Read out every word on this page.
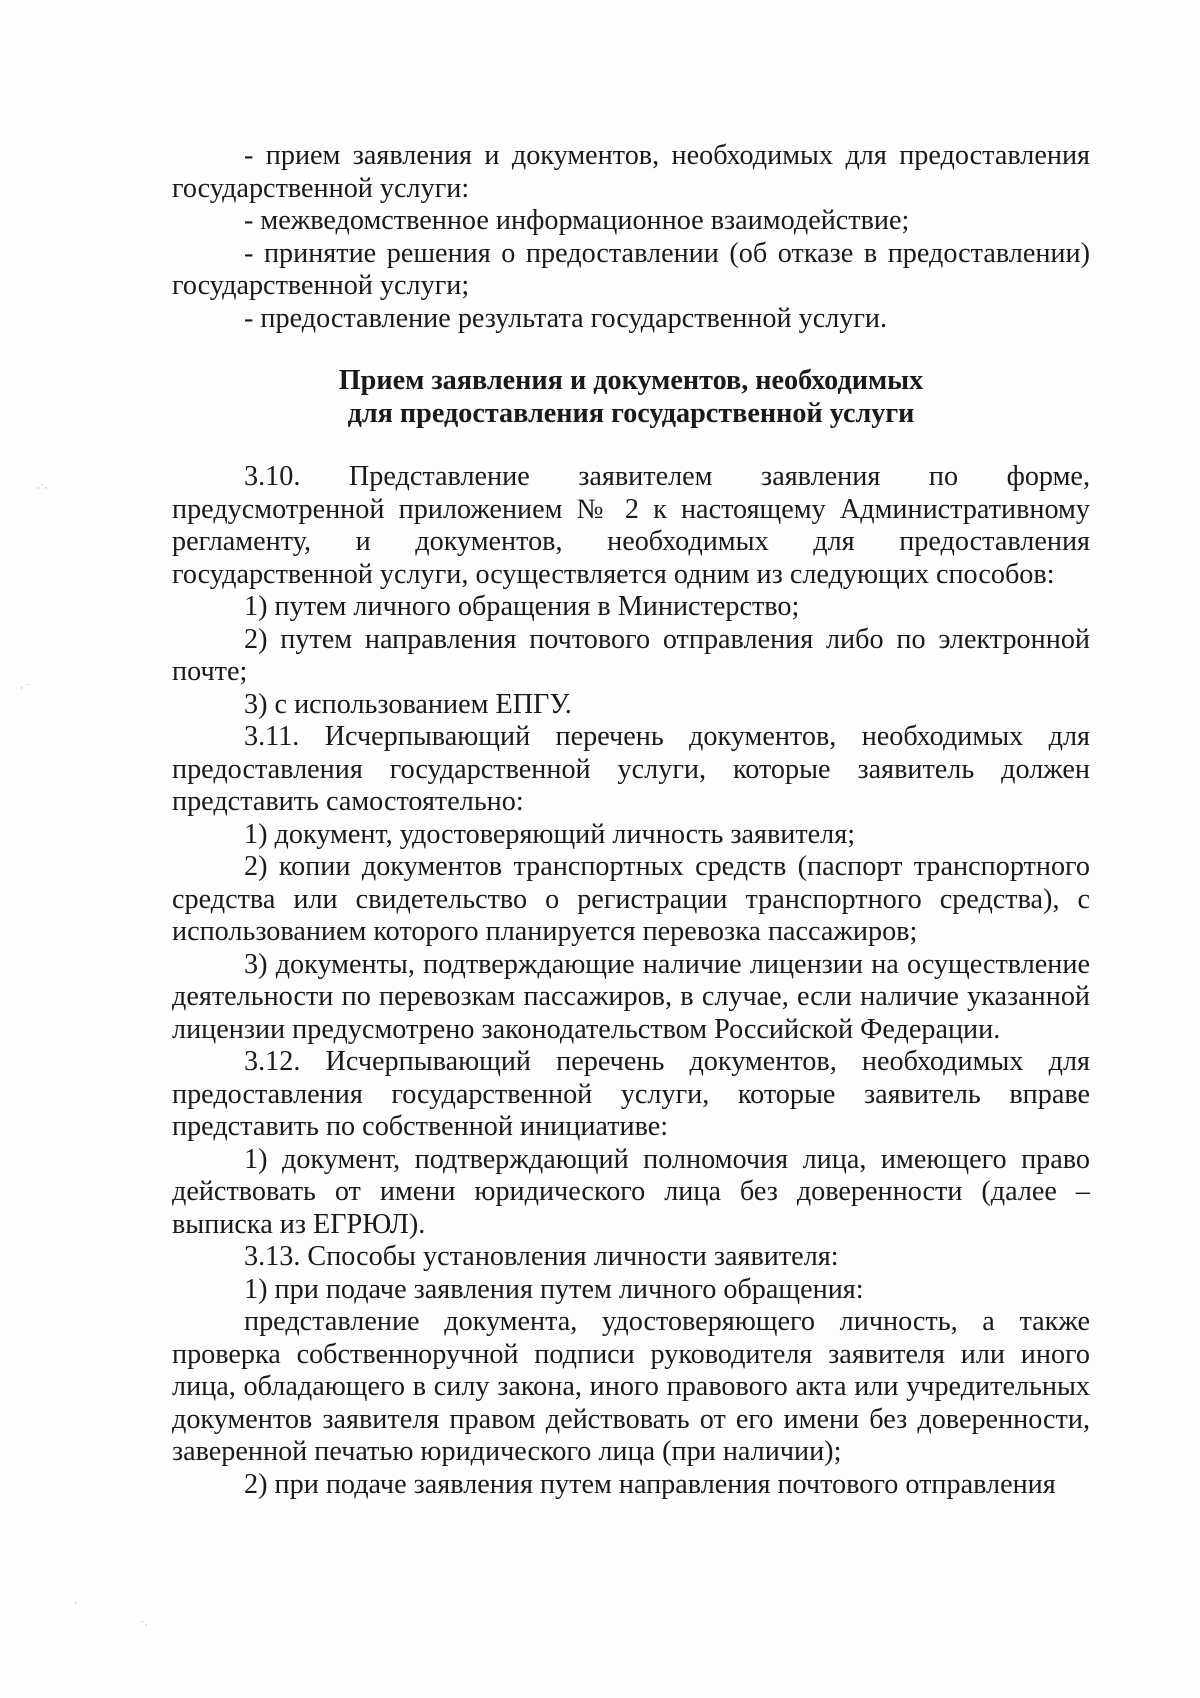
·˙·
· ˙
·
˙·

- прием заявления и документов, необходимых для предоставления государственной услуги:

- межведомственное информационное взаимодействие;

- принятие решения о предоставлении (об отказе в предоставлении) государственной услуги;

- предоставление результата государственной услуги.

Прием заявления и документов, необходимых
для предоставления государственной услуги

3.10. Представление заявителем заявления по форме, предусмотренной приложением № 2 к настоящему Административному регламенту, и документов, необходимых для предоставления государственной услуги, осуществляется одним из следующих способов:

1) путем личного обращения в Министерство;

2) путем направления почтового отправления либо по электронной почте;

3) с использованием ЕПГУ.

3.11. Исчерпывающий перечень документов, необходимых для предоставления государственной услуги, которые заявитель должен представить самостоятельно:

1) документ, удостоверяющий личность заявителя;

2) копии документов транспортных средств (паспорт транспортного средства или свидетельство о регистрации транспортного средства), с использованием которого планируется перевозка пассажиров;

3) документы, подтверждающие наличие лицензии на осуществление деятельности по перевозкам пассажиров, в случае, если наличие указанной лицензии предусмотрено законодательством Российской Федерации.

3.12. Исчерпывающий перечень документов, необходимых для предоставления государственной услуги, которые заявитель вправе представить по собственной инициативе:

1) документ, подтверждающий полномочия лица, имеющего право действовать от имени юридического лица без доверенности (далее – выписка из ЕГРЮЛ).

3.13. Способы установления личности заявителя:

1) при подаче заявления путем личного обращения:

представление документа, удостоверяющего личность, а также проверка собственноручной подписи руководителя заявителя или иного лица, обладающего в силу закона, иного правового акта или учредительных документов заявителя правом действовать от его имени без доверенности, заверенной печатью юридического лица (при наличии);

2) при подаче заявления путем направления почтового отправления
